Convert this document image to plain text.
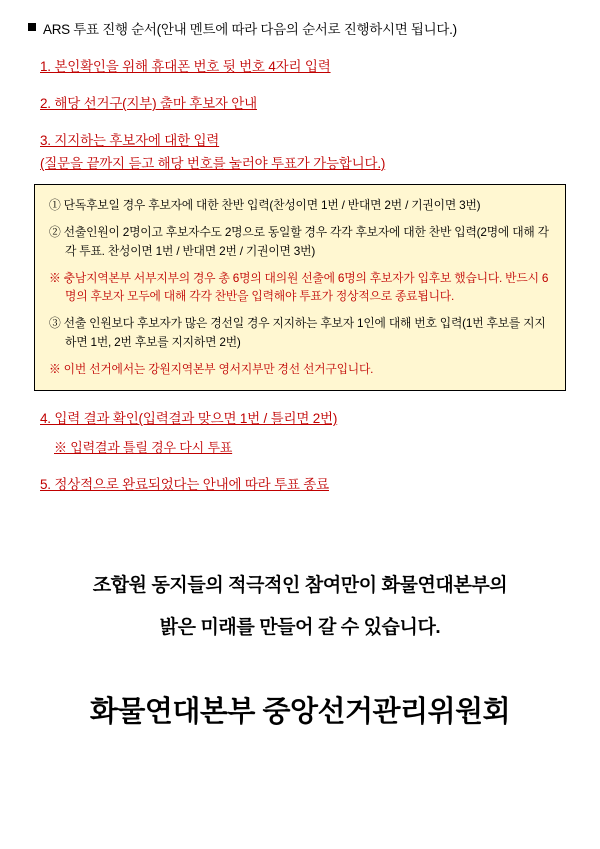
ARS 투표 진행 순서(안내 멘트에 따라 다음의 순서로 진행하시면 됩니다.)
1. 본인확인을 위해 휴대폰 번호 뒷 번호 4자리 입력
2. 해당 선거구(지부) 출마 후보자 안내
3. 지지하는 후보자에 대한 입력
(질문을 끝까지 듣고 해당 번호를 눌러야 투표가 가능합니다.)

① 단독후보일 경우 후보자에 대한 찬반 입력(찬성이면 1번 / 반대면 2번 / 기권이면 3번)

② 선출인원이 2명이고 후보자수도 2명으로 동일할 경우 각각 후보자에 대한 찬반 입력(2명에 대해 각각 투표. 찬성이면 1번 / 반대면 2번 / 기권이면 3번)

※ 충남지역본부 서부지부의 경우 총 6명의 대의원 선출에 6명의 후보자가 입후보 했습니다. 반드시 6명의 후보자 모두에 대해 각각 찬반을 입력해야 투표가 정상적으로 종료됩니다.

③ 선출 인원보다 후보자가 많은 경선일 경우 지지하는 후보자 1인에 대해 번호 입력(1번 후보를 지지하면 1번, 2번 후보를 지지하면 2번)

※ 이번 선거에서는 강원지역본부 영서지부만 경선 선거구입니다.

4. 입력 결과 확인(입력결과 맞으면 1번 / 틀리면 2번)
※ 입력결과 틀릴 경우 다시 투표
5. 정상적으로 완료되었다는 안내에 따라 투표 종료
조합원 동지들의 적극적인 참여만이 화물연대본부의
밝은 미래를 만들어 갈 수 있습니다.
화물연대본부 중앙선거관리위원회
